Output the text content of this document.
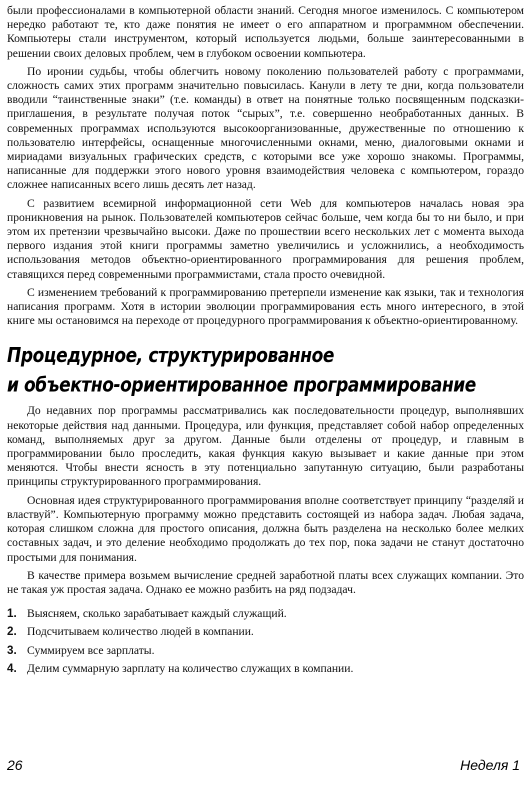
были профессионалами в компьютерной области знаний. Сегодня многое изменилось. С компьютером нередко работают те, кто даже понятия не имеет о его аппаратном и программном обеспечении. Компьютеры стали инструментом, который используется людьми, больше заинтересованными в решении своих деловых проблем, чем в глубоком освоении компьютера.

По иронии судьбы, чтобы облегчить новому поколению пользователей работу с программами, сложность самих этих программ значительно повысилась. Канули в лету те дни, когда пользователи вводили “таинственные знаки” (т.е. команды) в ответ на понятные только посвященным подсказки-приглашения, в результате получая поток “сырых”, т.е. совершенно необработанных данных. В современных программах используются высокоорганизованные, дружественные по отношению к пользователю интерфейсы, оснащенные многочисленными окнами, меню, диалоговыми окнами и мириадами визуальных графических средств, с которыми все уже хорошо знакомы. Программы, написанные для поддержки этого нового уровня взаимодействия человека с компьютером, гораздо сложнее написанных всего лишь десять лет назад.

С развитием всемирной информационной сети Web для компьютеров началась новая эра проникновения на рынок. Пользователей компьютеров сейчас больше, чем когда бы то ни было, и при этом их претензии чрезвычайно высоки. Даже по прошествии всего нескольких лет с момента выхода первого издания этой книги программы заметно увеличились и усложнились, а необходимость использования методов объектно-ориентированного программирования для решения проблем, ставящихся перед современными программистами, стала просто очевидной.

С изменением требований к программированию претерпели изменение как языки, так и технология написания программ. Хотя в истории эволюции программирования есть много интересного, в этой книге мы остановимся на переходе от процедурного программирования к объектно-ориентированному.

Процедурное, структурированное
и объектно-ориентированное программирование

До недавних пор программы рассматривались как последовательности процедур, выполнявших некоторые действия над данными. Процедура, или функция, представляет собой набор определенных команд, выполняемых друг за другом. Данные были отделены от процедур, и главным в программировании было проследить, какая функция какую вызывает и какие данные при этом меняются. Чтобы внести ясность в эту потенциально запутанную ситуацию, были разработаны принципы структурированного программирования.

Основная идея структурированного программирования вполне соответствует принципу “разделяй и властвуй”. Компьютерную программу можно представить состоящей из набора задач. Любая задача, которая слишком сложна для простого описания, должна быть разделена на несколько более мелких составных задач, и это деление необходимо продолжать до тех пор, пока задачи не станут достаточно простыми для понимания.

В качестве примера возьмем вычисление средней заработной платы всех служащих компании. Это не такая уж простая задача. Однако ее можно разбить на ряд подзадач.

1. Выясняем, сколько зарабатывает каждый служащий.
2. Подсчитываем количество людей в компании.
3. Суммируем все зарплаты.
4. Делим суммарную зарплату на количество служащих в компании.
26	Неделя 1
